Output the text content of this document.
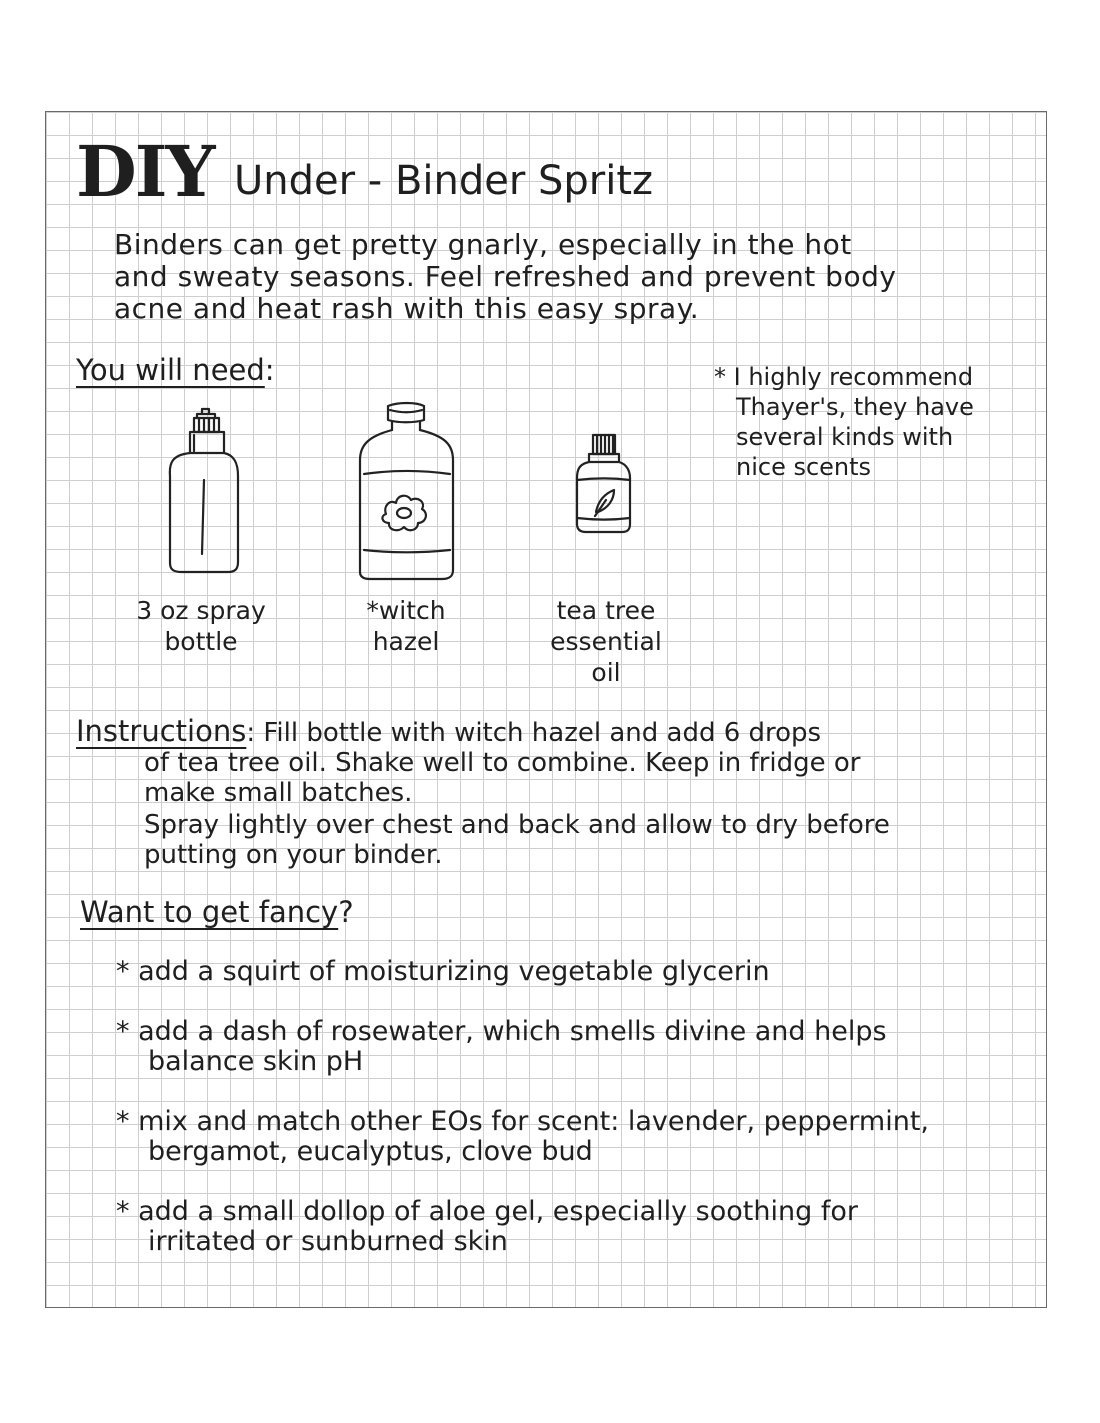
DIY Under - Binder Spritz
Binders can get pretty gnarly, especially in the hot
and sweaty seasons. Feel refreshed and prevent body
acne and heat rash with this easy spray.
You will need:	* I highly recommend
Thayer's, they have
several kinds with
nice scents
3 oz spray
bottle
*witch
hazel
tea tree
essential
oil
Instructions: Fill bottle with witch hazel and add 6 drops
of tea tree oil. Shake well to combine. Keep in fridge or
make small batches.
Spray lightly over chest and back and allow to dry before
putting on your binder.
Want to get fancy?
* add a squirt of moisturizing vegetable glycerin
* add a dash of rosewater, which smells divine and helps
balance skin pH
* mix and match other EOs for scent: lavender, peppermint,
bergamot, eucalyptus, clove bud
* add a small dollop of aloe gel, especially soothing for
irritated or sunburned skin
